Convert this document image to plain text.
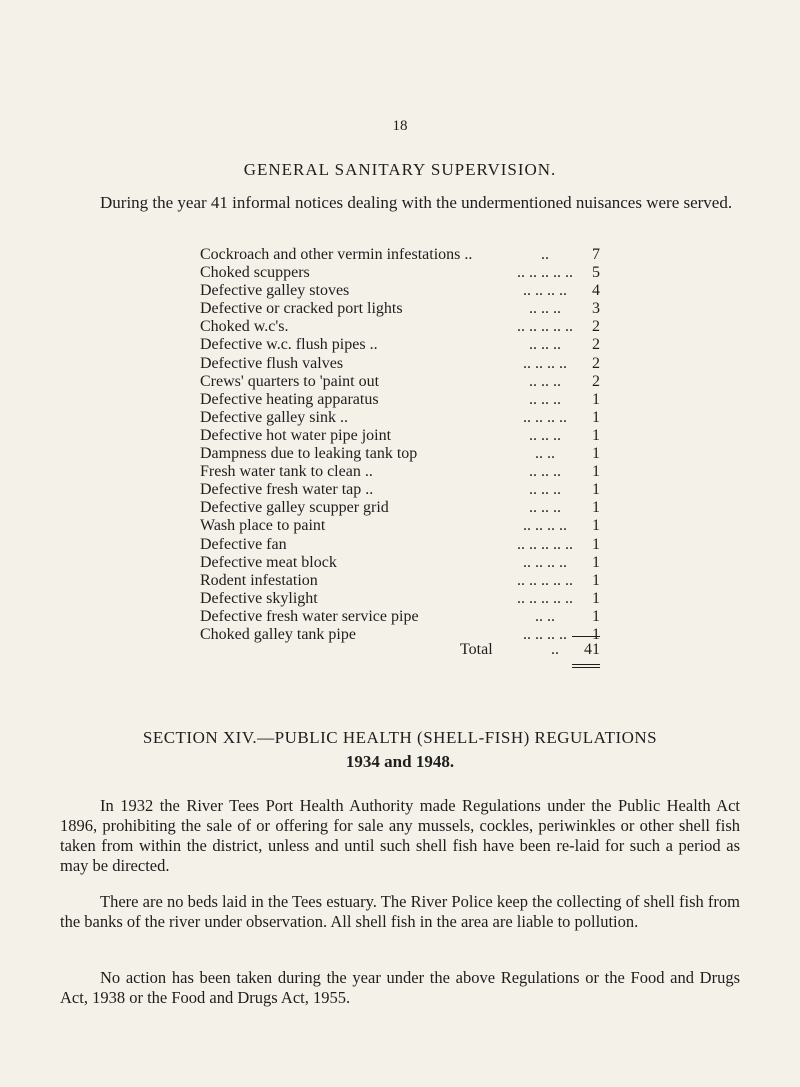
18
GENERAL SANITARY SUPERVISION.
During the year 41 informal notices dealing with the undermentioned nuisances were served.
Cockroach and other vermin infestations ..	..	7
Choked scuppers	.. .. .. .. ..	5
Defective galley stoves	.. .. .. ..	4
Defective or cracked port lights	.. .. ..	3
Choked w.c's.	.. .. .. .. ..	2
Defective w.c. flush pipes ..	.. .. ..	2
Defective flush valves	.. .. .. ..	2
Crews' quarters to 'paint out	.. .. ..	2
Defective heating apparatus	.. .. ..	1
Defective galley sink ..	.. .. .. ..	1
Defective hot water pipe joint	.. .. ..	1
Dampness due to leaking tank top	.. ..	1
Fresh water tank to clean ..	.. .. ..	1
Defective fresh water tap ..	.. .. ..	1
Defective galley scupper grid	.. .. ..	1
Wash place to paint	.. .. .. ..	1
Defective fan	.. .. .. .. ..	1
Defective meat block	.. .. .. ..	1
Rodent infestation	.. .. .. .. ..	1
Defective skylight	.. .. .. .. ..	1
Defective fresh water service pipe	.. ..	1
Choked galley tank pipe	.. .. .. ..	1
Total	..	41
SECTION XIV.—PUBLIC HEALTH (SHELL-FISH) REGULATIONS
1934 and 1948.
In 1932 the River Tees Port Health Authority made Regulations under the Public Health Act 1896, prohibiting the sale of or offering for sale any mussels, cockles, periwinkles or other shell fish taken from within the district, unless and until such shell fish have been re-laid for such a period as may be directed.
There are no beds laid in the Tees estuary. The River Police keep the collecting of shell fish from the banks of the river under observation. All shell fish in the area are liable to pollution.
No action has been taken during the year under the above Regulations or the Food and Drugs Act, 1938 or the Food and Drugs Act, 1955.
